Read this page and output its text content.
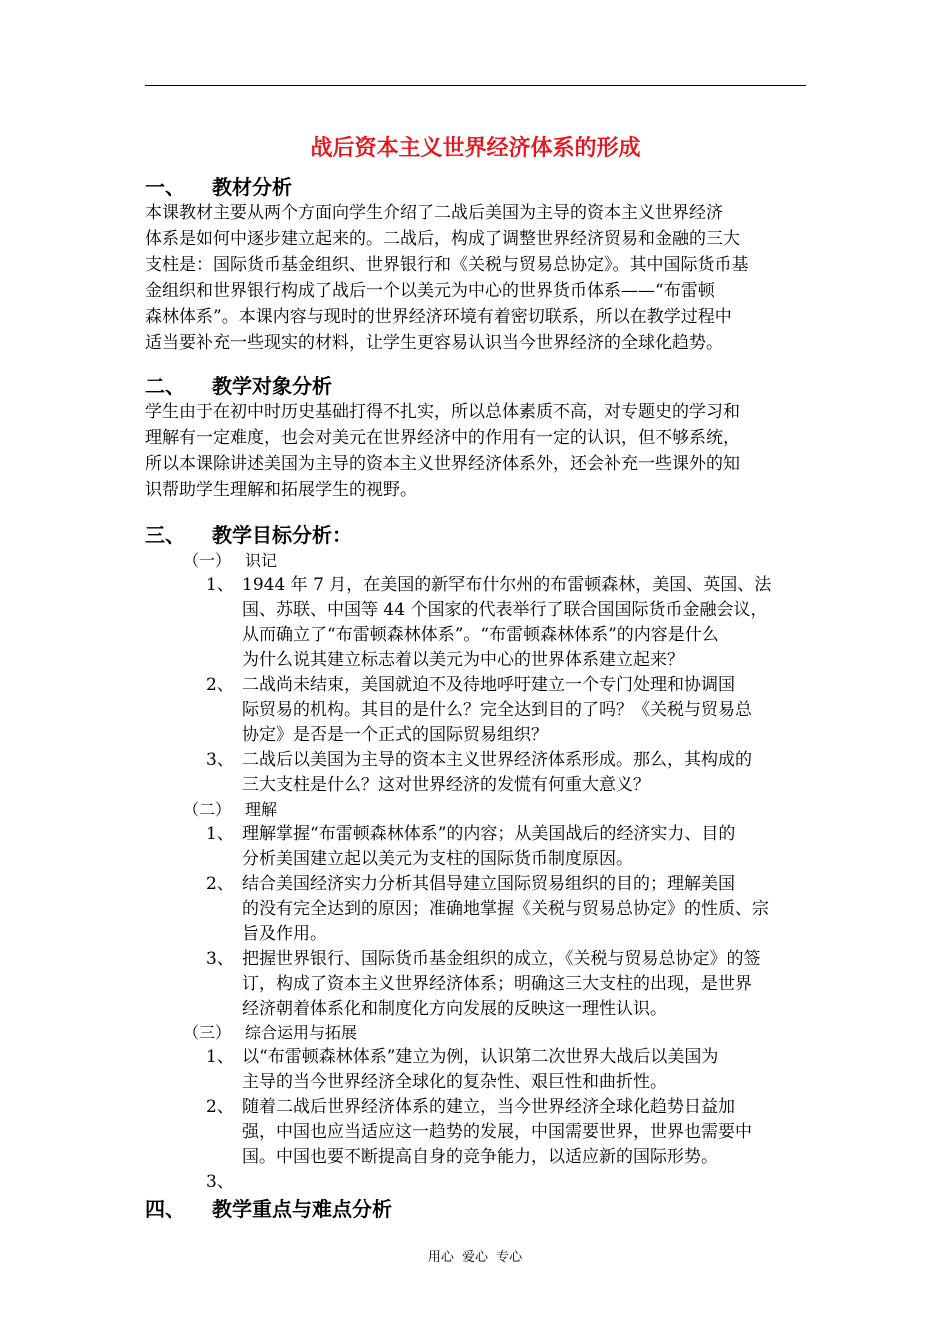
战后资本主义世界经济体系的形成
一、 教材分析
本课教材主要从两个方面向学生介绍了二战后美国为主导的资本主义世界经济
体系是如何中逐步建立起来的。二战后，构成了调整世界经济贸易和金融的三大
支柱是：国际货币基金组织、世界银行和《关税与贸易总协定》。其中国际货币基
金组织和世界银行构成了战后一个以美元为中心的世界货币体系——“布雷顿
森林体系”。本课内容与现时的世界经济环境有着密切联系，所以在教学过程中
适当要补充一些现实的材料，让学生更容易认识当今世界经济的全球化趋势。
二、 教学对象分析
学生由于在初中时历史基础打得不扎实，所以总体素质不高，对专题史的学习和
理解有一定难度，也会对美元在世界经济中的作用有一定的认识，但不够系统，
所以本课除讲述美国为主导的资本主义世界经济体系外，还会补充一些课外的知
识帮助学生理解和拓展学生的视野。
三、 教学目标分析：
（一） 识记
1、 1944 年 7 月，在美国的新罕布什尔州的布雷顿森林，美国、英国、法
国、苏联、中国等 44 个国家的代表举行了联合国国际货币金融会议，
从而确立了“布雷顿森林体系”。“布雷顿森林体系”的内容是什么
为什么说其建立标志着以美元为中心的世界体系建立起来？
2、 二战尚未结束，美国就迫不及待地呼吁建立一个专门处理和协调国
际贸易的机构。其目的是什么？完全达到目的了吗？《关税与贸易总
协定》是否是一个正式的国际贸易组织？
3、 二战后以美国为主导的资本主义世界经济体系形成。那么，其构成的
三大支柱是什么？这对世界经济的发慌有何重大意义？
（二） 理解
1、 理解掌握“布雷顿森林体系”的内容；从美国战后的经济实力、目的
分析美国建立起以美元为支柱的国际货币制度原因。
2、 结合美国经济实力分析其倡导建立国际贸易组织的目的；理解美国
的没有完全达到的原因；准确地掌握《关税与贸易总协定》的性质、宗
旨及作用。
3、 把握世界银行、国际货币基金组织的成立，《关税与贸易总协定》的签
订，构成了资本主义世界经济体系；明确这三大支柱的出现，是世界
经济朝着体系化和制度化方向发展的反映这一理性认识。
（三） 综合运用与拓展
1、 以“布雷顿森林体系”建立为例，认识第二次世界大战后以美国为
主导的当今世界经济全球化的复杂性、艰巨性和曲折性。
2、 随着二战后世界经济体系的建立，当今世界经济全球化趋势日益加
强，中国也应当适应这一趋势的发展，中国需要世界，世界也需要中
国。中国也要不断提高自身的竞争能力，以适应新的国际形势。
3、
四、 教学重点与难点分析
用心 爱心 专心
